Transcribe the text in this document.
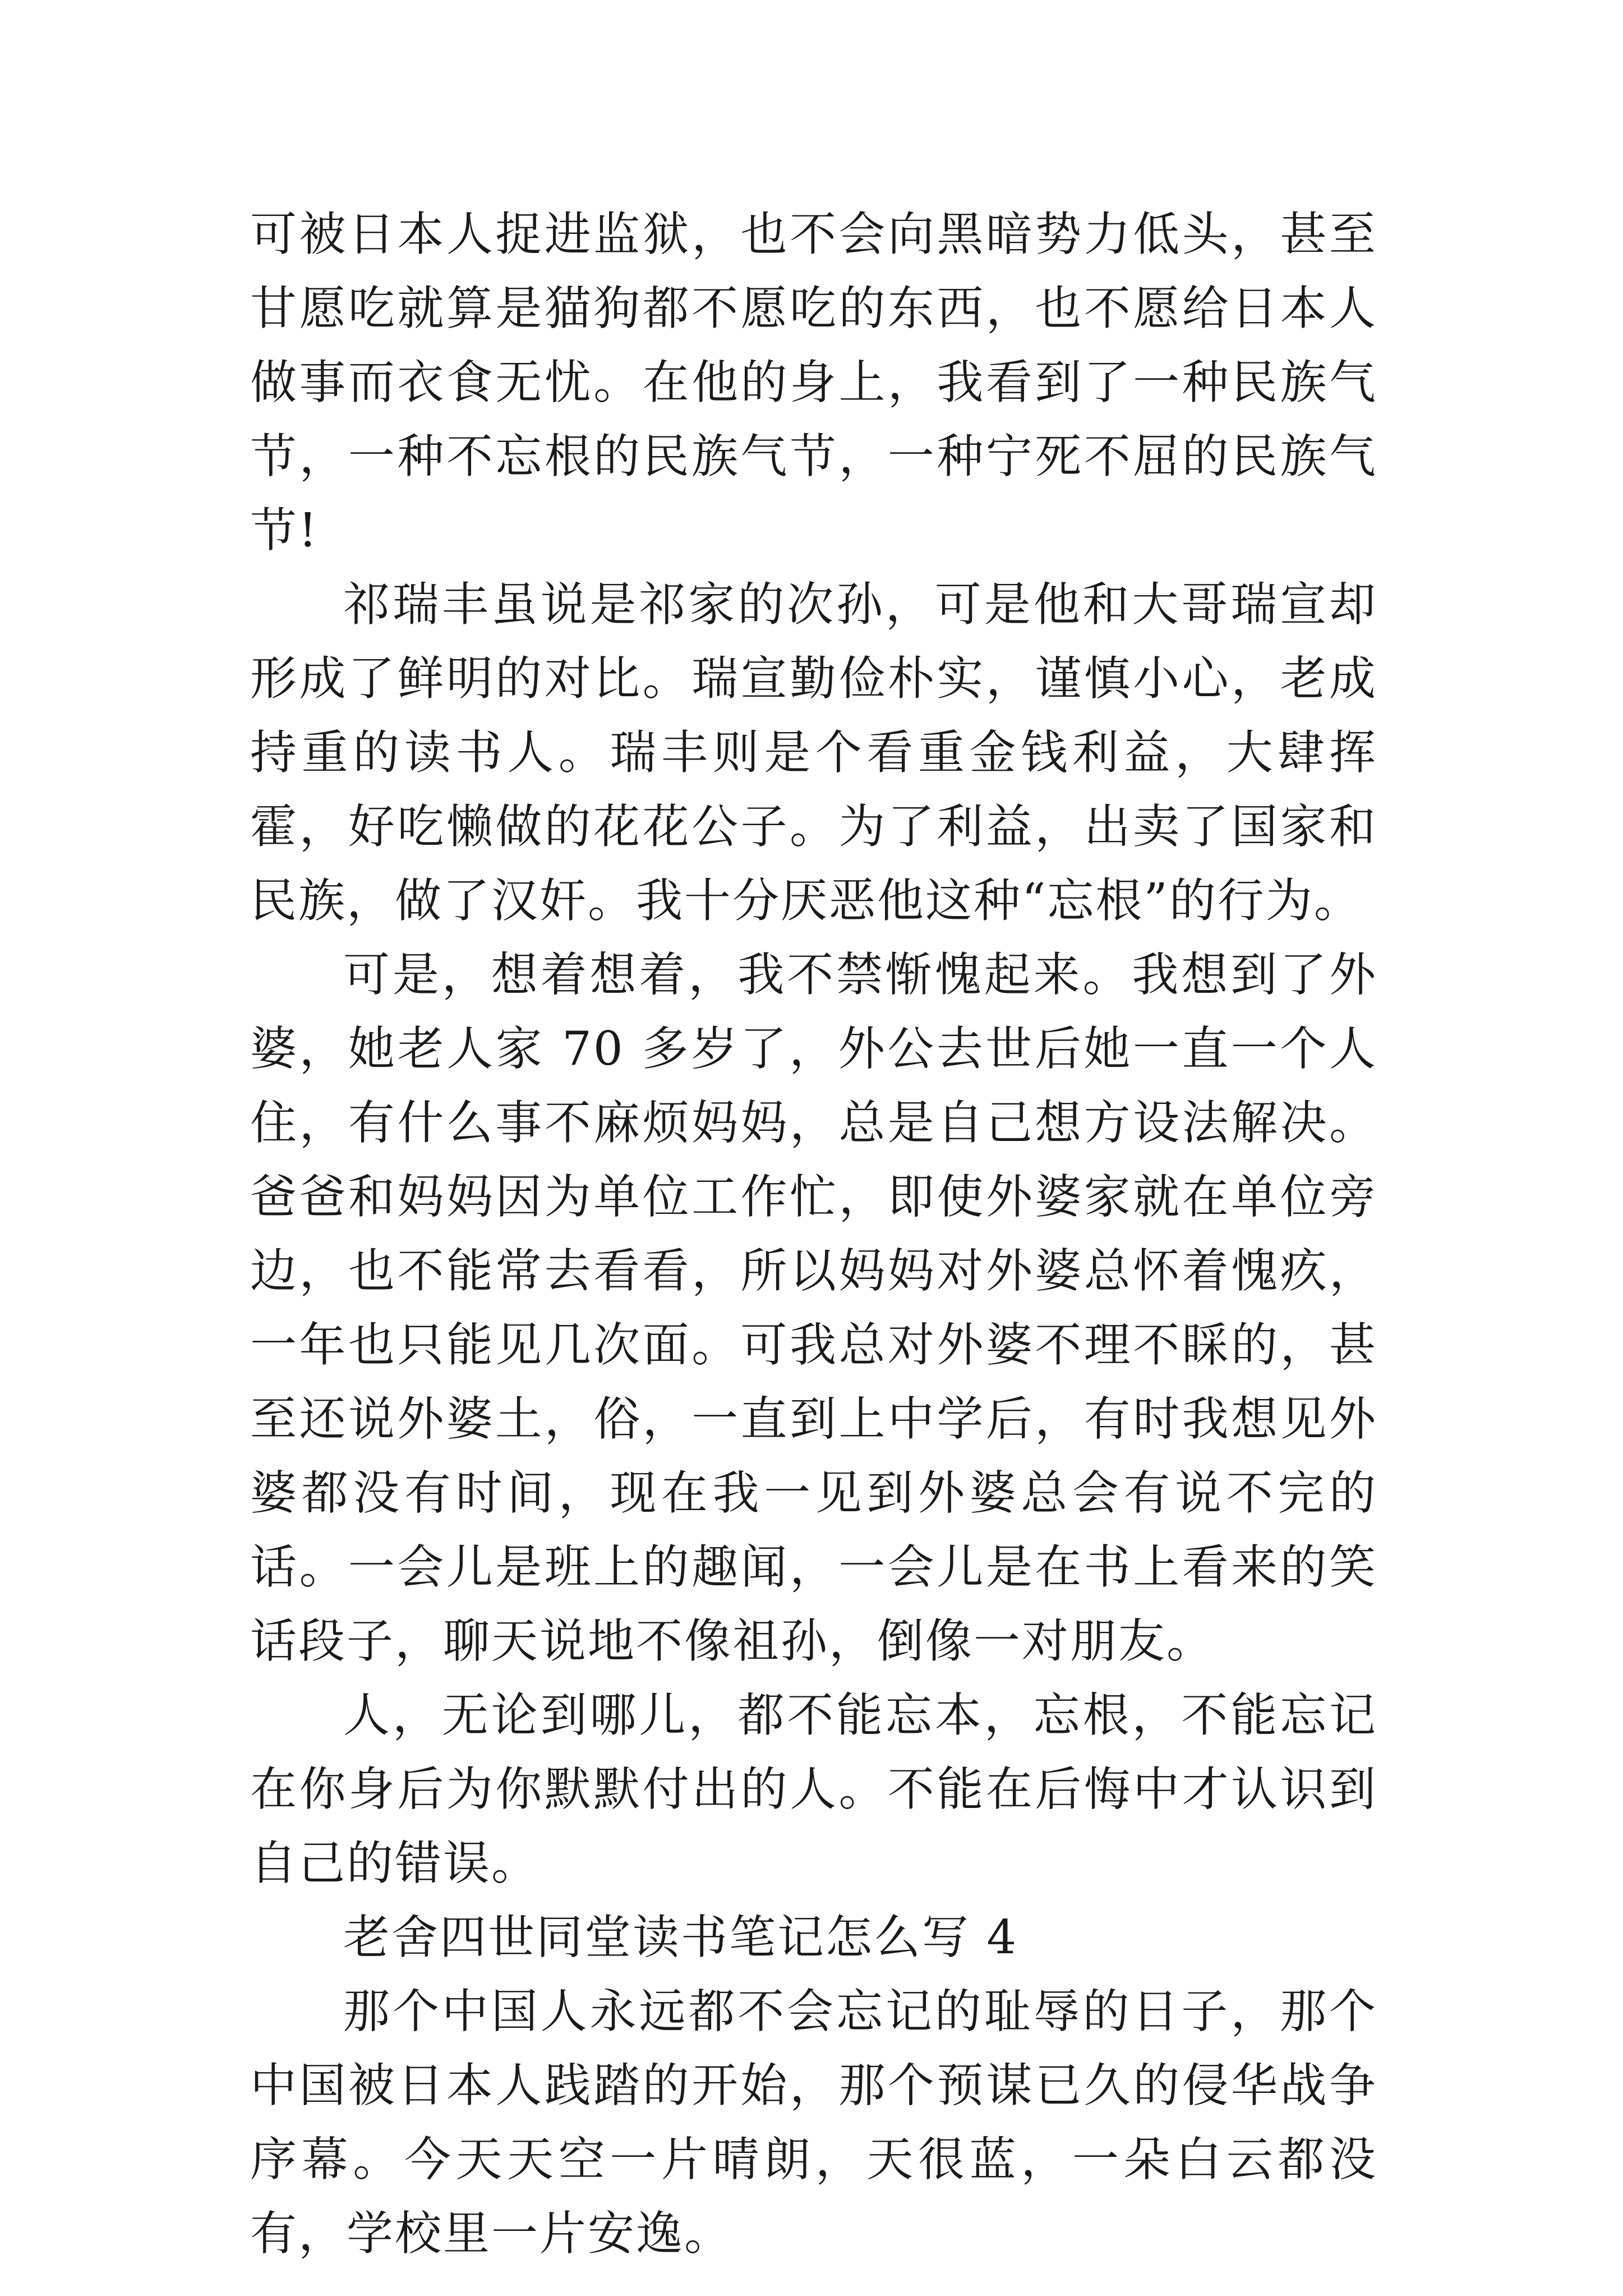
可被日本人捉进监狱，也不会向黑暗势力低头，甚至甘愿吃就算是猫狗都不愿吃的东西，也不愿给日本人做事而衣食无忧。在他的身上，我看到了一种民族气节，一种不忘根的民族气节，一种宁死不屈的民族气节!

祁瑞丰虽说是祁家的次孙，可是他和大哥瑞宣却形成了鲜明的对比。瑞宣勤俭朴实，谨慎小心，老成持重的读书人。瑞丰则是个看重金钱利益，大肆挥霍，好吃懒做的花花公子。为了利益，出卖了国家和民族，做了汉奸。我十分厌恶他这种“忘根”的行为。

可是，想着想着，我不禁惭愧起来。我想到了外婆，她老人家 70 多岁了，外公去世后她一直一个人住，有什么事不麻烦妈妈，总是自己想方设法解决。爸爸和妈妈因为单位工作忙，即使外婆家就在单位旁边，也不能常去看看，所以妈妈对外婆总怀着愧疚，一年也只能见几次面。可我总对外婆不理不睬的，甚至还说外婆土，俗，一直到上中学后，有时我想见外婆都没有时间，现在我一见到外婆总会有说不完的话。一会儿是班上的趣闻，一会儿是在书上看来的笑话段子，聊天说地不像祖孙，倒像一对朋友。

人，无论到哪儿，都不能忘本，忘根，不能忘记在你身后为你默默付出的人。不能在后悔中才认识到自己的错误。

老舍四世同堂读书笔记怎么写 4

那个中国人永远都不会忘记的耻辱的日子，那个中国被日本人践踏的开始，那个预谋已久的侵华战争序幕。今天天空一片晴朗，天很蓝，一朵白云都没有，学校里一片安逸。
